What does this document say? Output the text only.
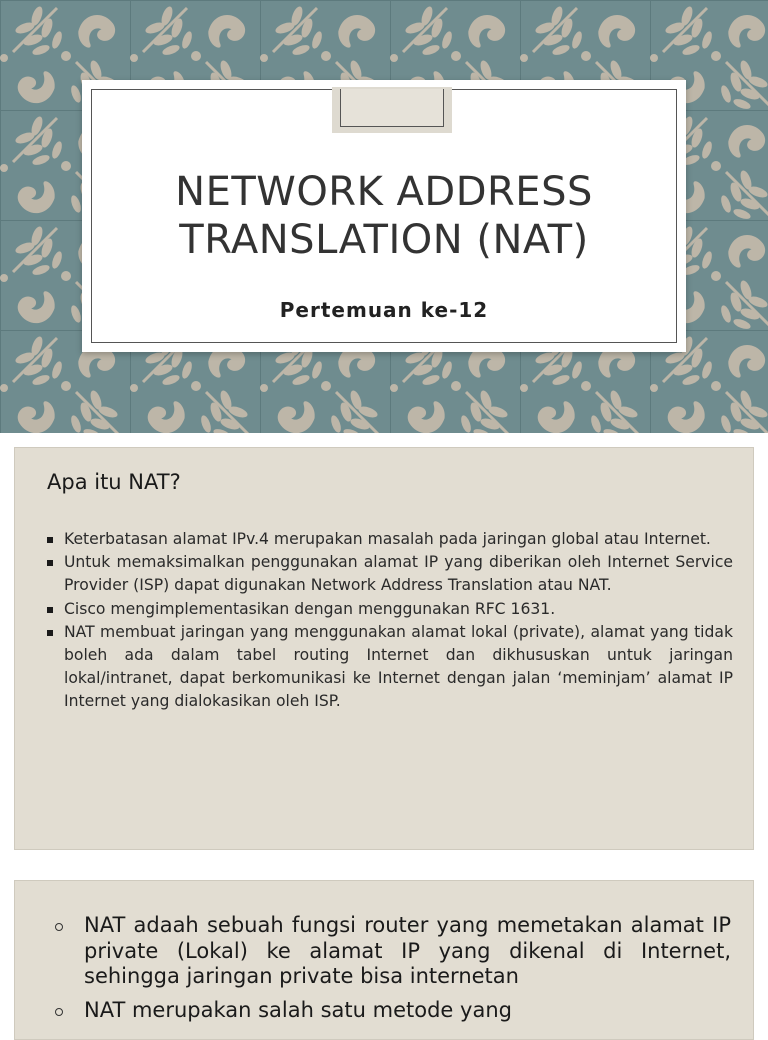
NETWORK ADDRESS TRANSLATION (NAT)
Pertemuan ke-12
Apa itu NAT?
Keterbatasan alamat IPv.4 merupakan masalah pada jaringan global atau Internet.
Untuk memaksimalkan penggunakan alamat IP yang diberikan oleh Internet Service Provider (ISP) dapat digunakan Network Address Translation atau NAT.
Cisco mengimplementasikan dengan menggunakan RFC 1631.
NAT membuat jaringan yang menggunakan alamat lokal (private), alamat yang tidak boleh ada dalam tabel routing Internet dan dikhususkan untuk jaringan lokal/intranet, dapat berkomunikasi ke Internet dengan jalan ‘meminjam’ alamat IP Internet yang dialokasikan oleh ISP.
NAT adaah sebuah fungsi router yang memetakan alamat IP private (Lokal) ke alamat IP yang dikenal di Internet, sehingga jaringan private bisa internetan
NAT merupakan salah satu metode yang
